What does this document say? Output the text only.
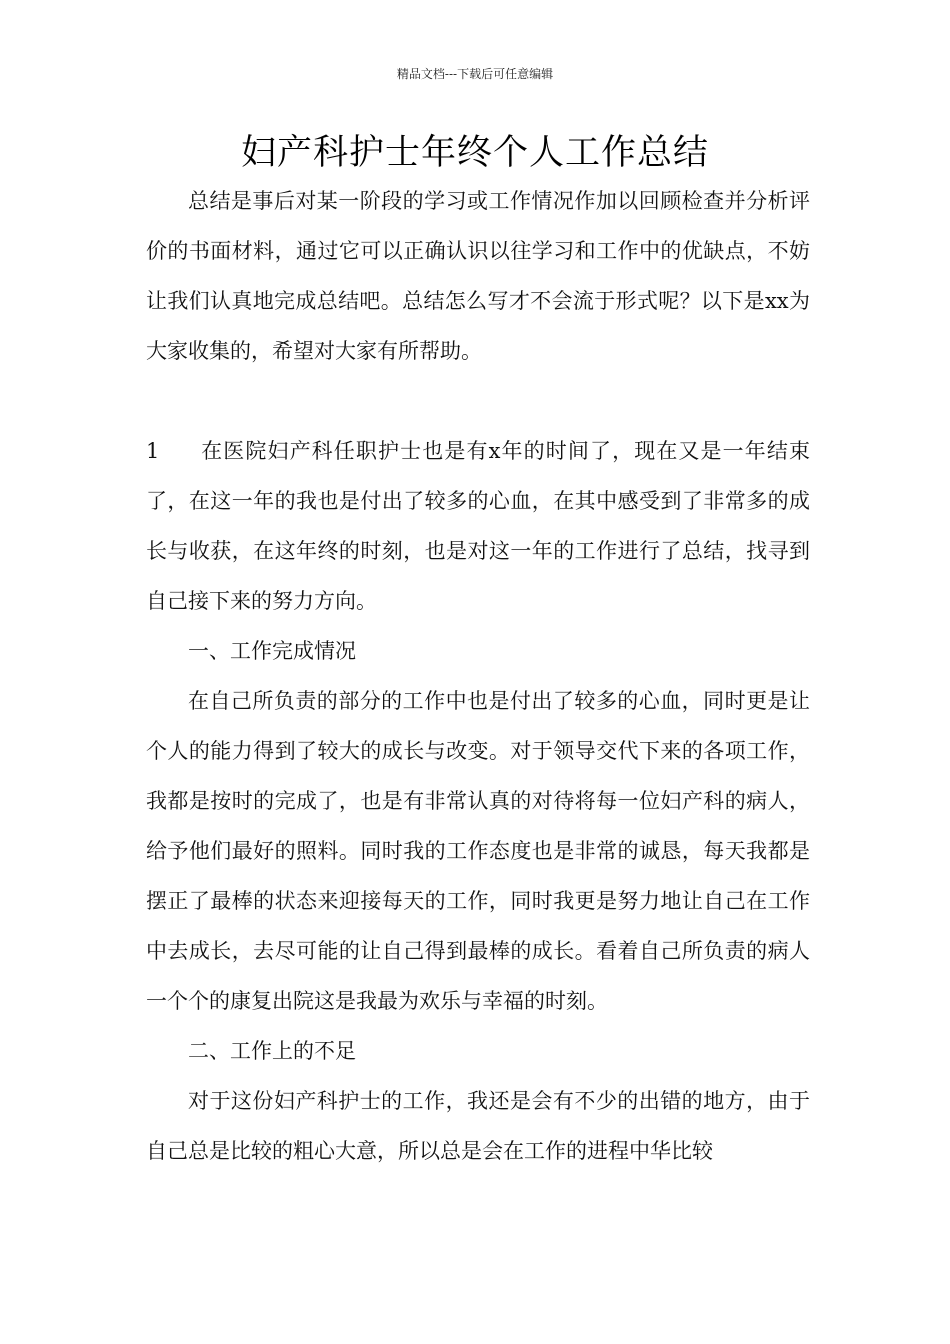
精品文档---下载后可任意编辑
妇产科护士年终个人工作总结

总结是事后对某一阶段的学习或工作情况作加以回顾检查并分析评价的书面材料，通过它可以正确认识以往学习和工作中的优缺点，不妨让我们认真地完成总结吧。总结怎么写才不会流于形式呢？以下是xx为大家收集的，希望对大家有所帮助。

1 在医院妇产科任职护士也是有x年的时间了，现在又是一年结束了，在这一年的我也是付出了较多的心血，在其中感受到了非常多的成长与收获，在这年终的时刻，也是对这一年的工作进行了总结，找寻到自己接下来的努力方向。

一、工作完成情况

在自己所负责的部分的工作中也是付出了较多的心血，同时更是让个人的能力得到了较大的成长与改变。对于领导交代下来的各项工作，我都是按时的完成了，也是有非常认真的对待将每一位妇产科的病人，给予他们最好的照料。同时我的工作态度也是非常的诚恳，每天我都是摆正了最棒的状态来迎接每天的工作，同时我更是努力地让自己在工作中去成长，去尽可能的让自己得到最棒的成长。看着自己所负责的病人一个个的康复出院这是我最为欢乐与幸福的时刻。

二、工作上的不足

对于这份妇产科护士的工作，我还是会有不少的出错的地方，由于自己总是比较的粗心大意，所以总是会在工作的进程中华比较
